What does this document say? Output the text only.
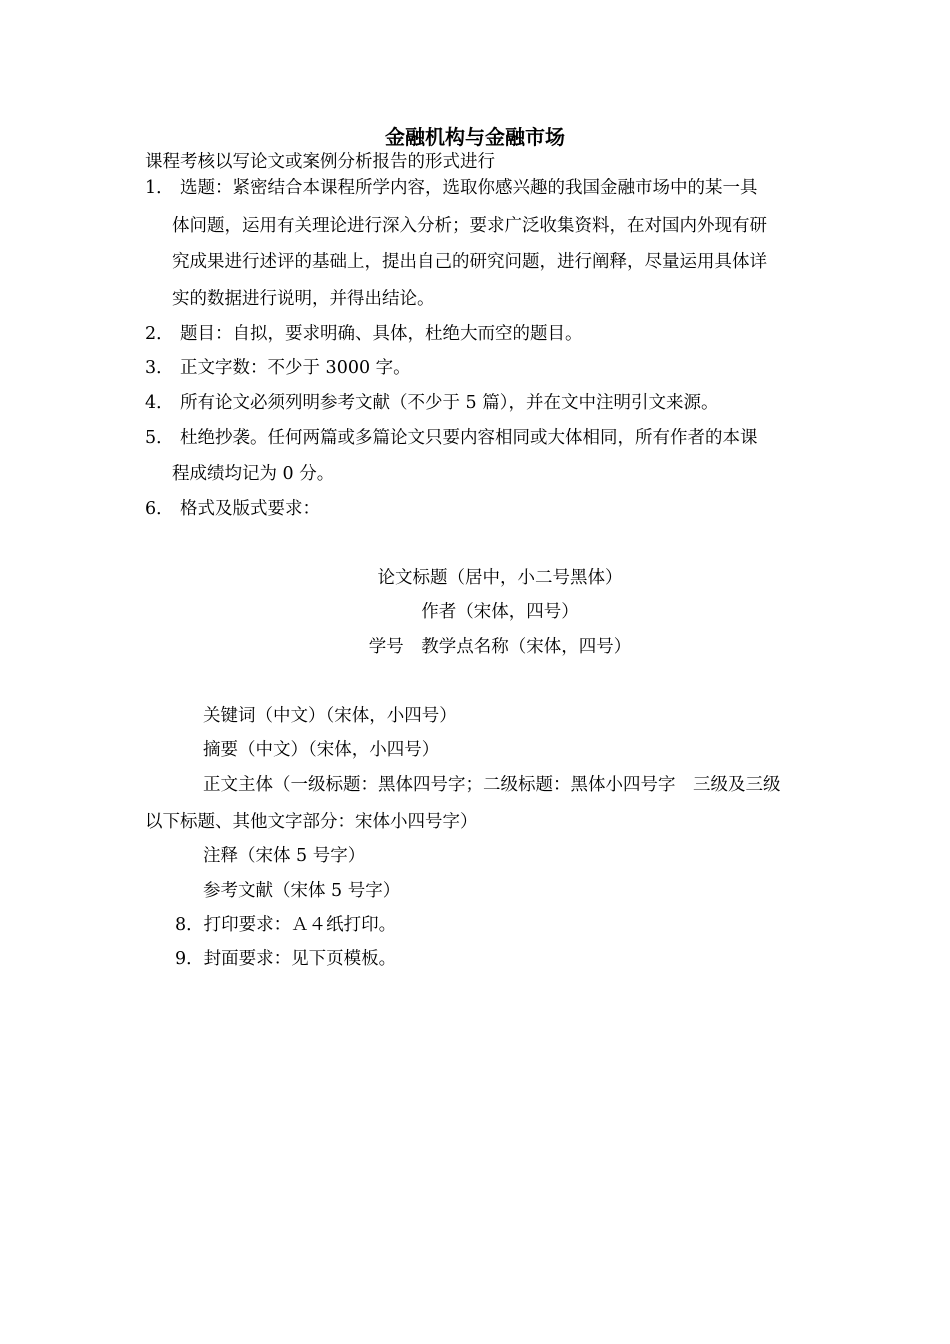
金融机构与金融市场

课程考核以写论文或案例分析报告的形式进行

1． 选题：紧密结合本课程所学内容，选取你感兴趣的我国金融市场中的某一具

体问题，运用有关理论进行深入分析；要求广泛收集资料，在对国内外现有研

究成果进行述评的基础上，提出自己的研究问题，进行阐释，尽量运用具体详

实的数据进行说明，并得出结论。

2． 题目：自拟，要求明确、具体，杜绝大而空的题目。

3． 正文字数：不少于 3000 字。

4． 所有论文必须列明参考文献（不少于 5 篇），并在文中注明引文来源。

5． 杜绝抄袭。任何两篇或多篇论文只要内容相同或大体相同，所有作者的本课

程成绩均记为 0 分。

6． 格式及版式要求：

论文标题（居中，小二号黑体）

作者（宋体，四号）

学号　教学点名称（宋体，四号）

关键词（中文）（宋体，小四号）

摘要（中文）（宋体，小四号）

正文主体（一级标题：黑体四号字；二级标题：黑体小四号字　三级及三级

以下标题、其他文字部分：宋体小四号字）

注释（宋体 5 号字）

参考文献（宋体 5 号字）

8．打印要求：Ａ４纸打印。

9．封面要求：见下页模板。
